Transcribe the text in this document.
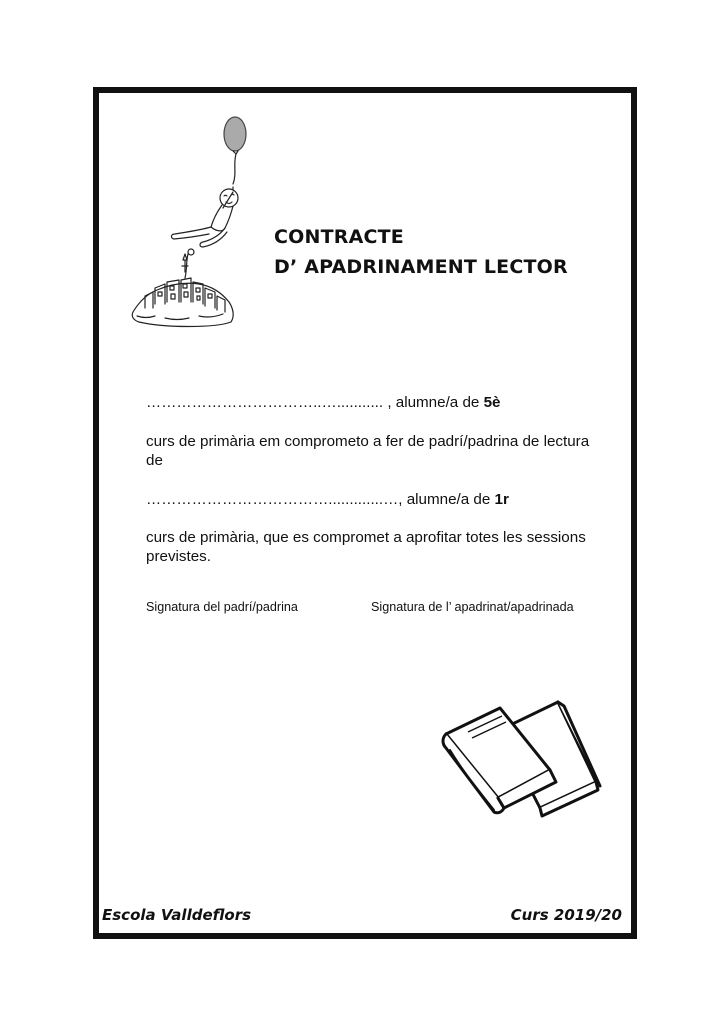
CONTRACTE
D’ APADRINAMENT LECTOR
……………………………..…........... , alumne/a de 5è
curs de primària em comprometo a fer de padrí/padrina de lectura de
……………………………….............…, alumne/a de 1r
curs de primària, que es compromet a aprofitar totes les sessions previstes.
Signatura del padrí/padrina	Signatura de l’ apadrinat/apadrinada
Escola Valldeflors	Curs 2019/20
